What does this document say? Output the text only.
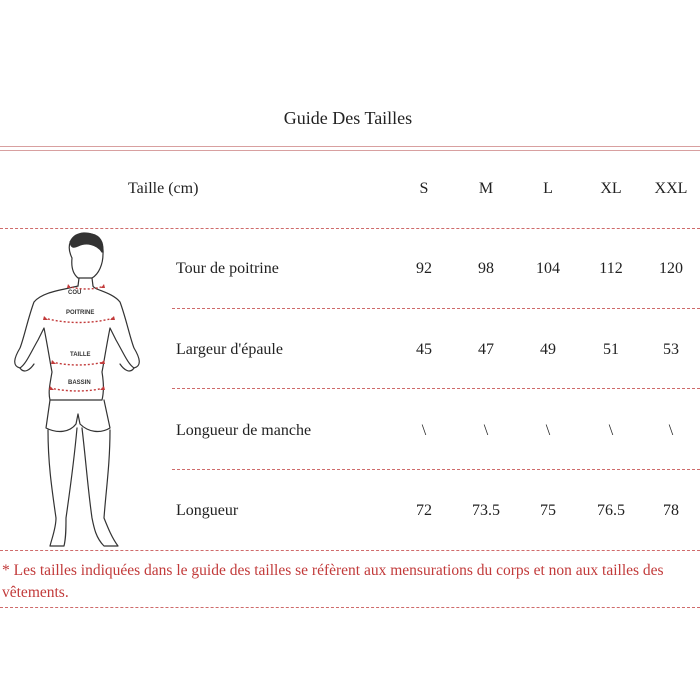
Guide Des Tailles
Taille (cm)	S	M	L	XL XXL
COU
POITRINE
TAILLE
BASSIN
Tour de poitrine	92	98	104 112 120
Largeur d'épaule	45	47	49	51	53
Longueur de manche	\	\	\	\	\
Longueur	72	73.5	75	76.5 78
* Les tailles indiquées dans le guide des tailles se réfèrent aux mensurations du corps et non aux tailles des vêtements.
